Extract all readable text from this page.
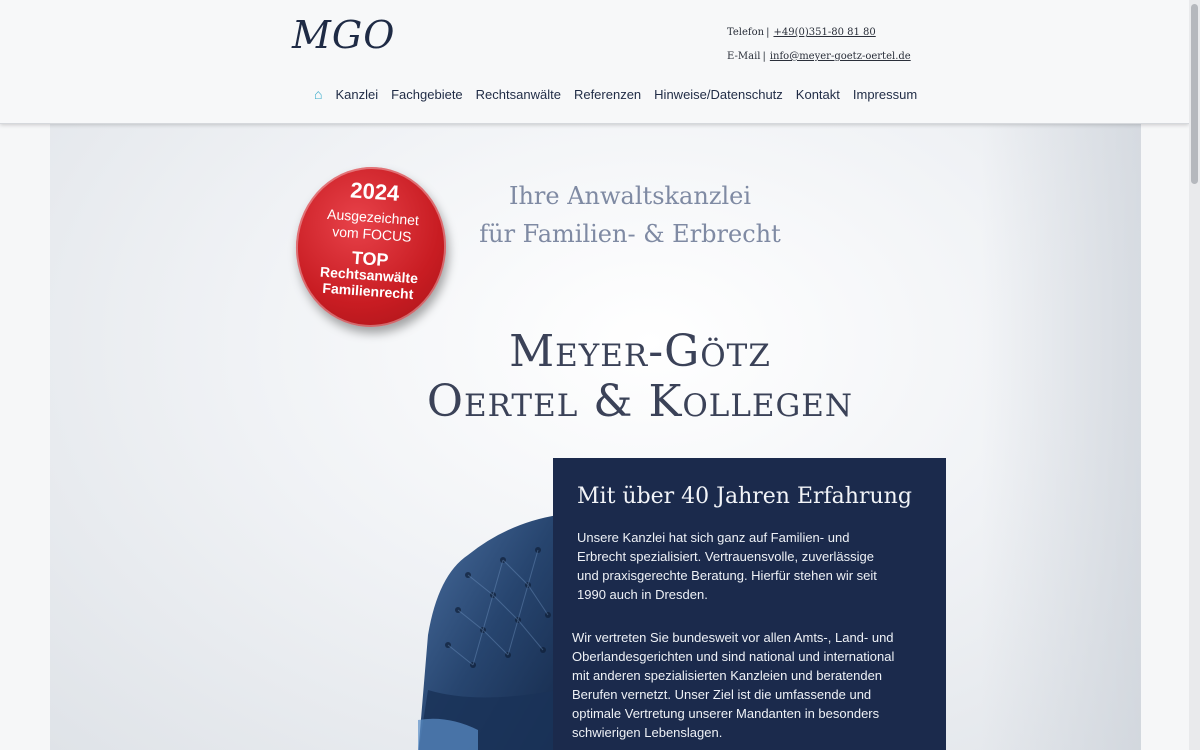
MGO	Telefon | +49(0)351-80 81 80
E-Mail | info@meyer-goetz-oertel.de
⌂ Kanzlei Fachgebiete Rechtsanwälte Referenzen Hinweise/Datenschutz Kontakt Impressum
2024
Ausgezeichnet
vom FOCUS
TOP
Rechtsanwälte
Familienrecht
Ihre Anwaltskanzlei
für Familien- & Erbrecht
Meyer-Götz
Oertel & Kollegen
Mit über 40 Jahren Erfahrung
Unsere Kanzlei hat sich ganz auf Familien- und Erbrecht spezialisiert. Vertrauensvolle, zuverlässige und praxisgerechte Beratung. Hierfür stehen wir seit 1990 auch in Dresden.
Wir vertreten Sie bundesweit vor allen Amts-, Land- und Oberlandesgerichten und sind national und international mit anderen spezialisierten Kanzleien und beratenden Berufen vernetzt. Unser Ziel ist die umfassende und optimale Vertretung unserer Mandanten in besonders schwierigen Lebenslagen.
